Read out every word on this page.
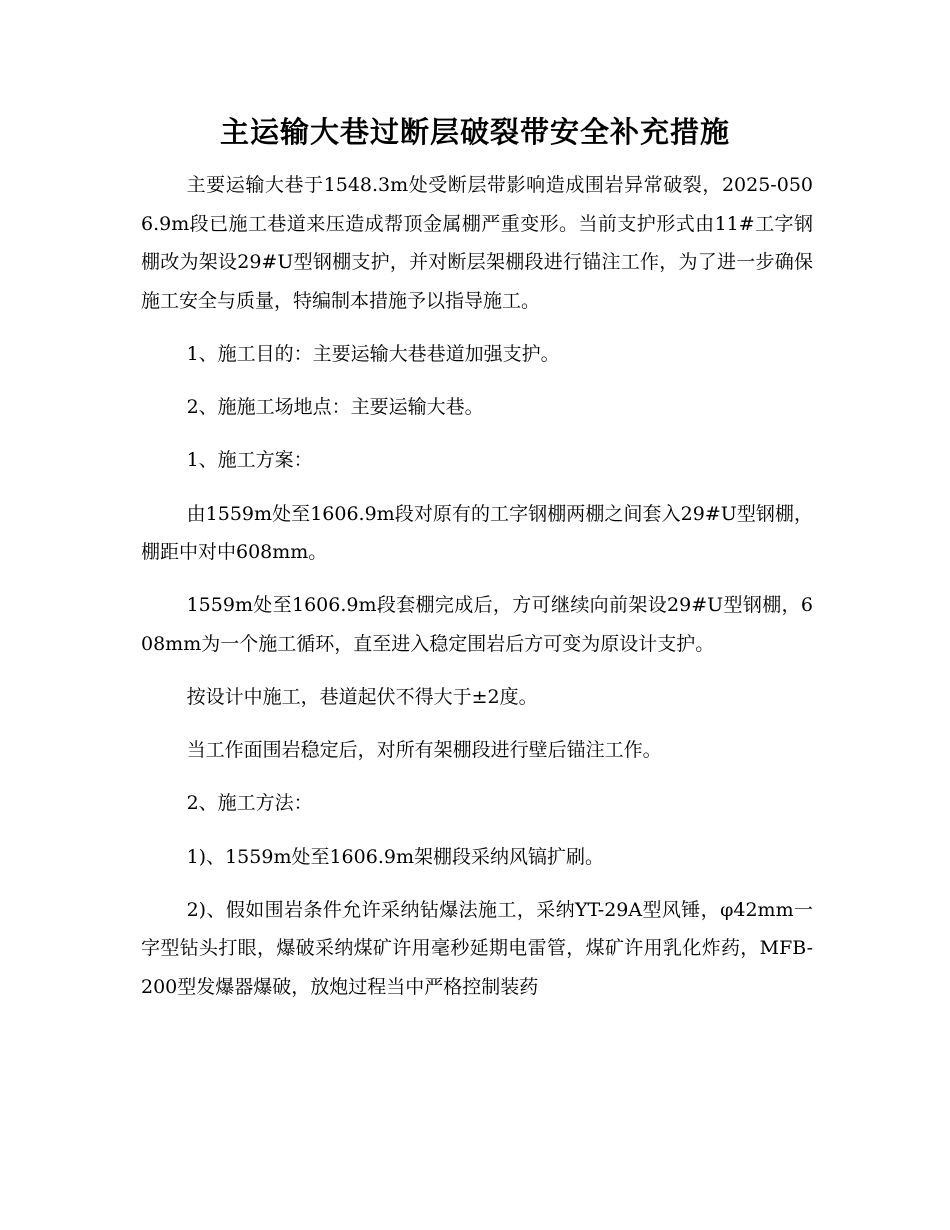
主运输大巷过断层破裂带安全补充措施

主要运输大巷于1548.3m处受断层带影响造成围岩异常破裂，2025-0506.9m段已施工巷道来压造成帮顶金属棚严重变形。当前支护形式由11#工字钢棚改为架设29#U型钢棚支护，并对断层架棚段进行锚注工作，为了进一步确保施工安全与质量，特编制本措施予以指导施工。

1、施工目的：主要运输大巷巷道加强支护。

2、施施工场地点：主要运输大巷。

1、施工方案：

由1559m处至1606.9m段对原有的工字钢棚两棚之间套入29#U型钢棚，棚距中对中608mm。

1559m处至1606.9m段套棚完成后，方可继续向前架设29#U型钢棚，608mm为一个施工循环，直至进入稳定围岩后方可变为原设计支护。

按设计中施工，巷道起伏不得大于±2度。

当工作面围岩稳定后，对所有架棚段进行壁后锚注工作。

2、施工方法：

1)、1559m处至1606.9m架棚段采纳风镐扩刷。

2)、假如围岩条件允许采纳钻爆法施工，采纳YT-29A型风锤，φ42mm一字型钻头打眼，爆破采纳煤矿许用毫秒延期电雷管，煤矿许用乳化炸药，MFB-200型发爆器爆破，放炮过程当中严格控制装药
